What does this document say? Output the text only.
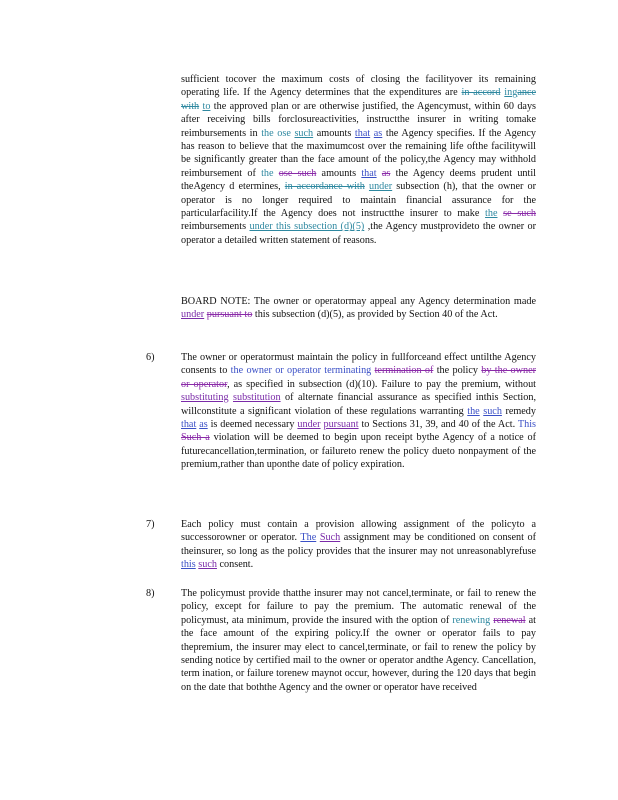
sufficient tocover the maximum costs of closing the facilityover its remaining operating life. If the Agency determines that the expenditures are in accord ingance with to the approved plan or are otherwise justified, the Agencymust, within 60 days after receiving bills forclosureactivities, instructthe insurer in writing tomake reimbursements in the ose such amounts that as the Agency specifies. If the Agency has reason to believe that the maximumcost over the remaining life ofthe facilitywill be significantly greater than the face amount of the policy,the Agency may withhold reimbursement of the ose such amounts that as the Agency deems prudent until theAgency d etermines, in accordance with under subsection (h), that the owner or operator is no longer required to maintain financial assurance for the particularfacility.If the Agency does not instructthe insurer to make the se such reimbursements under this subsection (d)(5) ,the Agency mustprovideto the owner or operator a detailed written statement of reasons.

BOARD NOTE: The owner or operatormay appeal any Agency determination made under pursuant to this subsection (d)(5), as provided by Section 40 of the Act.

6)	The owner or operatormust maintain the policy in fullforceand effect untilthe Agency consents to the owner or operator terminating termination of the policy by the owner or operator, as specified in subsection (d)(10). Failure to pay the premium, without substituting substitution of alternate financial assurance as specified inthis Section, willconstitute a significant violation of these regulations warranting the such remedy that as is deemed necessary under pursuant to Sections 31, 39, and 40 of the Act. This Such a violation will be deemed to begin upon receipt bythe Agency of a notice of futurecancellation,termination, or failureto renew the policy dueto nonpayment of the premium,rather than uponthe date of policy expiration.

7)	Each policy must contain a provision allowing assignment of the policyto a successorowner or operator. The Such assignment may be conditioned on consent of theinsurer, so long as the policy provides that the insurer may not unreasonablyrefuse this such consent.

8)	The policymust provide thatthe insurer may not cancel,terminate, or fail to renew the policy, except for failure to pay the premium. The automatic renewal of the policymust, ata minimum, provide the insured with the option of renewing renewal at the face amount of the expiring policy.If the owner or operator fails to pay thepremium, the insurer may elect to cancel,terminate, or fail to renew the policy by sending notice by certified mail to the owner or operator andthe Agency. Cancellation, term ination, or failure torenew maynot occur, however, during the 120 days that begin on the date that boththe Agency and the owner or operator have received
